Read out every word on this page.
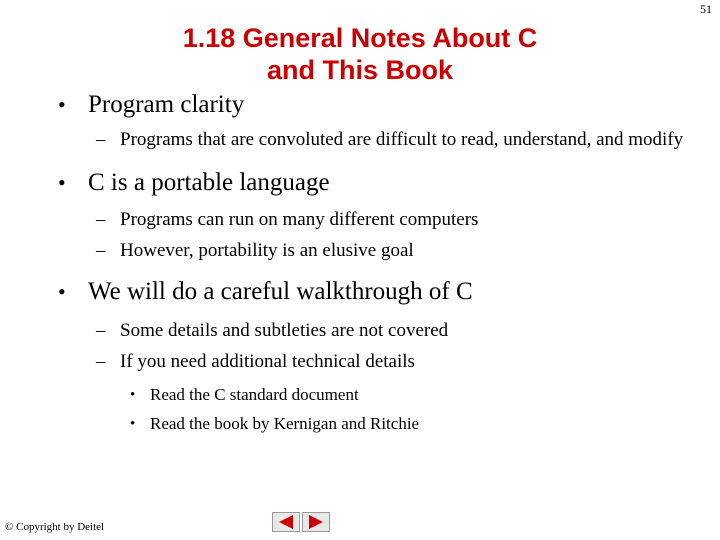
51
1.18 General Notes About C
and This Book

• Program clarity

– Programs that are convoluted are difficult to read, understand, and modify

• C is a portable language

– Programs can run on many different computers

– However, portability is an elusive goal

• We will do a careful walkthrough of C

– Some details and subtleties are not covered

– If you need additional technical details

• Read the C standard document

• Read the book by Kernigan and Ritchie

© Copyright by Deitel
